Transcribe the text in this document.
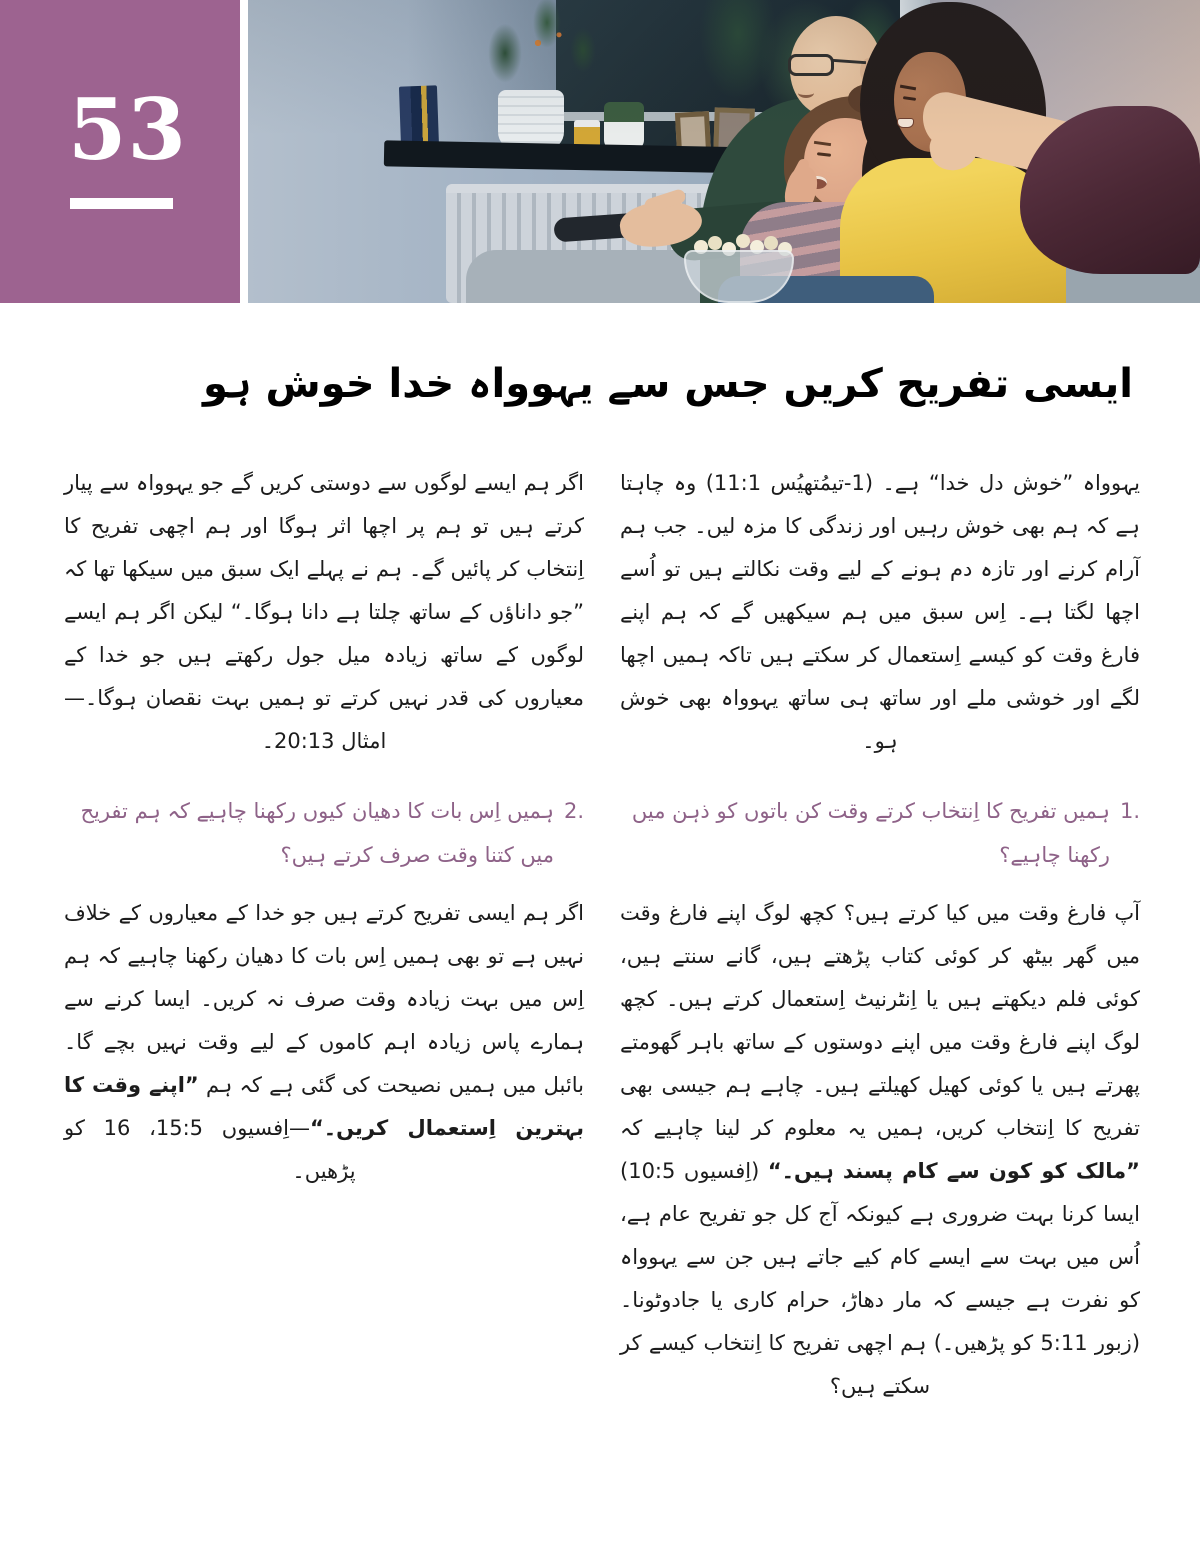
53
ایسی تفریح کریں جس سے یہوواہ خدا خوش ہو

یہوواہ ”خوش دل خدا“ ہے۔ (1-تیمُتھیُس 11:1) وہ چاہتا ہے کہ ہم بھی خوش رہیں اور زندگی کا مزہ لیں۔ جب ہم آرام کرنے اور تازہ دم ہونے کے لیے وقت نکالتے ہیں تو اُسے اچھا لگتا ہے۔ اِس سبق میں ہم سیکھیں گے کہ ہم اپنے فارغ وقت کو کیسے اِستعمال کر سکتے ہیں تاکہ ہمیں اچھا لگے اور خوشی ملے اور ساتھ ہی ساتھ یہوواہ بھی خوش ہو۔

1.
ہمیں تفریح کا اِنتخاب کرتے وقت کن باتوں کو ذہن میں رکھنا چاہیے؟

آپ فارغ وقت میں کیا کرتے ہیں؟ کچھ لوگ اپنے فارغ وقت میں گھر بیٹھ کر کوئی کتاب پڑھتے ہیں، گانے سنتے ہیں، کوئی فلم دیکھتے ہیں یا اِنٹرنیٹ اِستعمال کرتے ہیں۔ کچھ لوگ اپنے فارغ وقت میں اپنے دوستوں کے ساتھ باہر گھومتے پھرتے ہیں یا کوئی کھیل کھیلتے ہیں۔ چاہے ہم جیسی بھی تفریح کا اِنتخاب کریں، ہمیں یہ معلوم کر لینا چاہیے کہ ”مالک کو کون سے کام پسند ہیں۔“ (اِفسیوں 10:5) ایسا کرنا بہت ضروری ہے کیونکہ آج کل جو تفریح عام ہے، اُس میں بہت سے ایسے کام کیے جاتے ہیں جن سے یہوواہ کو نفرت ہے جیسے کہ مار دھاڑ، حرام کاری یا جادوٹونا۔ (زبور 5:11 کو پڑھیں۔) ہم اچھی تفریح کا اِنتخاب کیسے کر سکتے ہیں؟

اگر ہم ایسے لوگوں سے دوستی کریں گے جو یہوواہ سے پیار کرتے ہیں تو ہم پر اچھا اثر ہوگا اور ہم اچھی تفریح کا اِنتخاب کر پائیں گے۔ ہم نے پہلے ایک سبق میں سیکھا تھا کہ ”جو داناؤں کے ساتھ چلتا ہے دانا ہوگا۔“ لیکن اگر ہم ایسے لوگوں کے ساتھ زیادہ میل جول رکھتے ہیں جو خدا کے معیاروں کی قدر نہیں کرتے تو ہمیں بہت نقصان ہوگا۔—امثال 20:13۔

2.
ہمیں اِس بات کا دھیان کیوں رکھنا چاہیے کہ ہم تفریح میں کتنا وقت صرف کرتے ہیں؟

اگر ہم ایسی تفریح کرتے ہیں جو خدا کے معیاروں کے خلاف نہیں ہے تو بھی ہمیں اِس بات کا دھیان رکھنا چاہیے کہ ہم اِس میں بہت زیادہ وقت صرف نہ کریں۔ ایسا کرنے سے ہمارے پاس زیادہ اہم کاموں کے لیے وقت نہیں بچے گا۔ بائبل میں ہمیں نصیحت کی گئی ہے کہ ہم ”اپنے وقت کا بہترین اِستعمال کریں۔“—اِفسیوں 15:5، 16 کو پڑھیں۔
